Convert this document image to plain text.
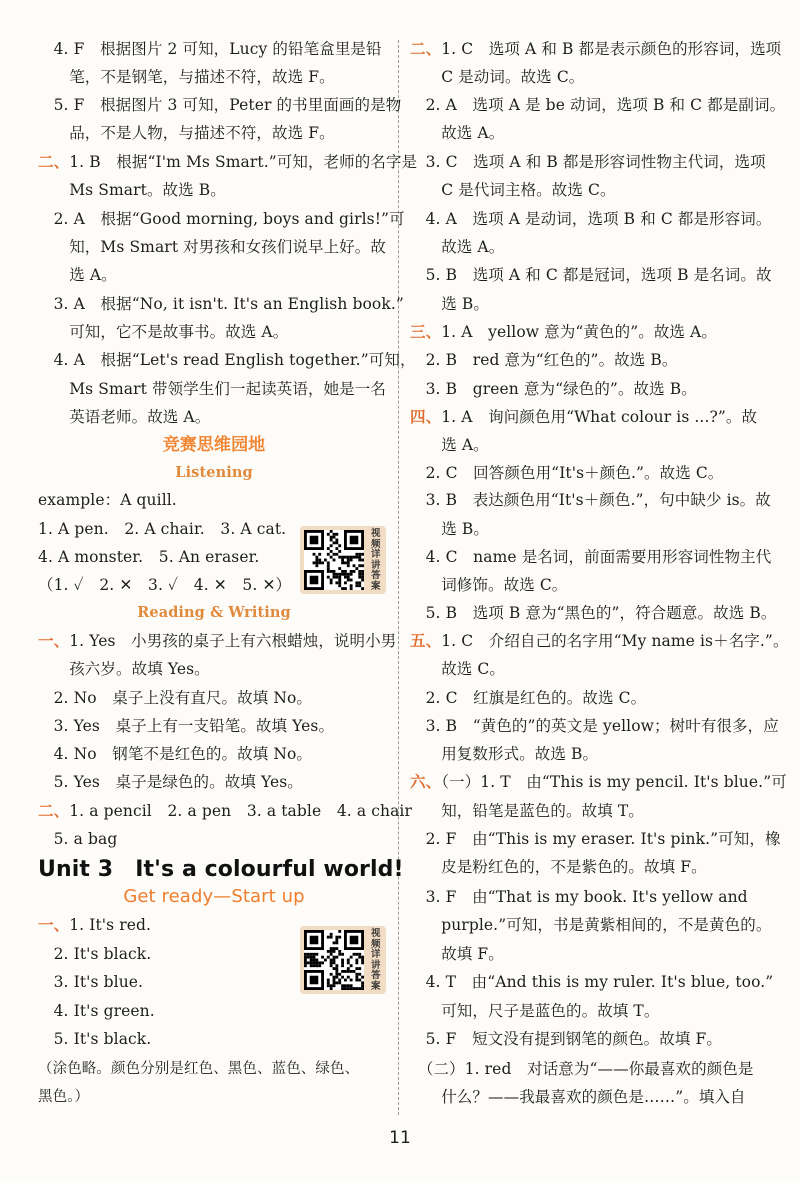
　4. F　根据图片 2 可知，Lucy 的铅笔盒里是铅
　　笔，不是钢笔，与描述不符，故选 F。
　5. F　根据图片 3 可知，Peter 的书里面画的是物
　　品，不是人物，与描述不符，故选 F。
二、1. B　根据“I'm Ms Smart.”可知，老师的名字是
　　Ms Smart。故选 B。
　2. A　根据“Good morning, boys and girls!”可
　　知，Ms Smart 对男孩和女孩们说早上好。故
　　选 A。
　3. A　根据“No, it isn't. It's an English book.”
　　可知，它不是故事书。故选 A。
　4. A　根据“Let's read English together.”可知，
　　Ms Smart 带领学生们一起读英语，她是一名
　　英语老师。故选 A。
竞赛思维园地
Listening
example：A quill.
1. A pen.　2. A chair.　3. A cat.
4. A monster.　5. An eraser.
（1. ✓　2. ✕　3. ✓　4. ✕　5. ✕）
Reading & Writing
一、1. Yes　小男孩的桌子上有六根蜡烛，说明小男
　　孩六岁。故填 Yes。
　2. No　桌子上没有直尺。故填 No。
　3. Yes　桌子上有一支铅笔。故填 Yes。
　4. No　钢笔不是红色的。故填 No。
　5. Yes　桌子是绿色的。故填 Yes。
二、1. a pencil　2. a pen　3. a table　4. a chair
　5. a bag
Unit 3　It's a colourful world!
Get ready—Start up
一、1. It's red.
　2. It's black.
　3. It's blue.
　4. It's green.
　5. It's black.
（涂色略。颜色分别是红色、黑色、蓝色、绿色、
黑色。）
二、1. C　选项 A 和 B 都是表示颜色的形容词，选项
　　C 是动词。故选 C。
　2. A　选项 A 是 be 动词，选项 B 和 C 都是副词。
　　故选 A。
　3. C　选项 A 和 B 都是形容词性物主代词，选项
　　C 是代词主格。故选 C。
　4. A　选项 A 是动词，选项 B 和 C 都是形容词。
　　故选 A。
　5. B　选项 A 和 C 都是冠词，选项 B 是名词。故
　　选 B。
三、1. A　yellow 意为“黄色的”。故选 A。
　2. B　red 意为“红色的”。故选 B。
　3. B　green 意为“绿色的”。故选 B。
四、1. A　询问颜色用“What colour is ...?”。故
　　选 A。
　2. C　回答颜色用“It's＋颜色.”。故选 C。
　3. B　表达颜色用“It's＋颜色.”，句中缺少 is。故
　　选 B。
　4. C　name 是名词，前面需要用形容词性物主代
　　词修饰。故选 C。
　5. B　选项 B 意为“黑色的”，符合题意。故选 B。
五、1. C　介绍自己的名字用“My name is＋名字.”。
　　故选 C。
　2. C　红旗是红色的。故选 C。
　3. B　“黄色的”的英文是 yellow；树叶有很多，应
　　用复数形式。故选 B。
六、（一）1. T　由“This is my pencil. It's blue.”可
　　知，铅笔是蓝色的。故填 T。
　2. F　由“This is my eraser. It's pink.”可知，橡
　　皮是粉红色的，不是紫色的。故填 F。
　3. F　由“That is my book. It's yellow and
　　purple.”可知，书是黄紫相间的，不是黄色的。
　　故填 F。
　4. T　由“And this is my ruler. It's blue, too.”
　　可知，尺子是蓝色的。故填 T。
　5. F　短文没有提到钢笔的颜色。故填 F。
　（二）1. red　对话意为“——你最喜欢的颜色是
　　什么？——我最喜欢的颜色是……”。填入自
视频详讲答案
视频详讲答案
11
